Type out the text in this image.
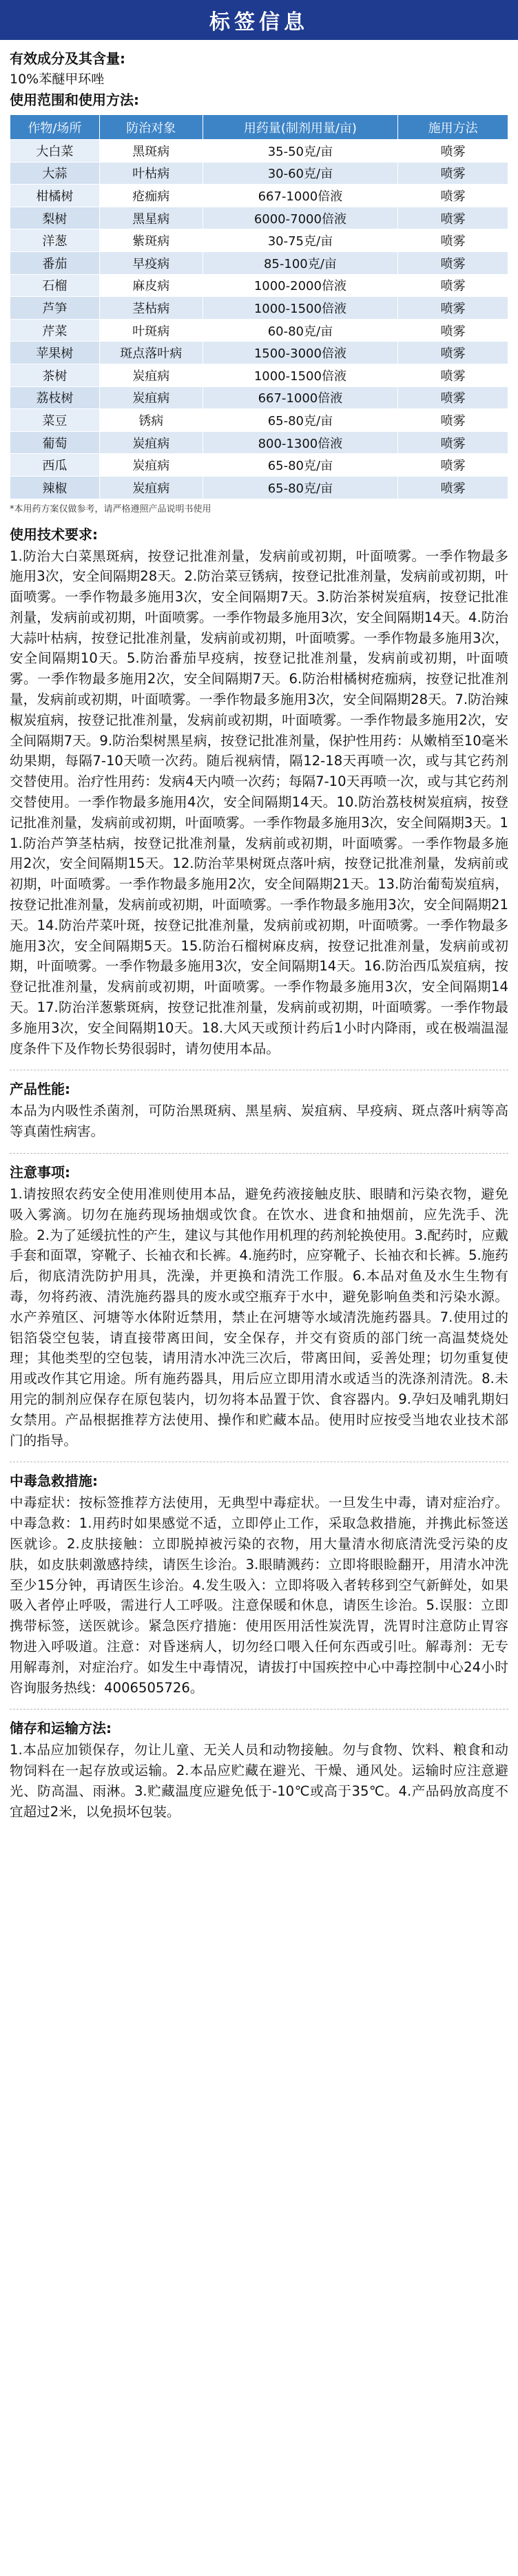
标签信息
有效成分及其含量:
10%苯醚甲环唑
使用范围和使用方法:
作物/场所	防治对象	用药量(制剂用量/亩)	施用方法
大白菜	黑斑病	35-50克/亩	喷雾
大蒜	叶枯病	30-60克/亩	喷雾
柑橘树	疮痂病	667-1000倍液	喷雾
梨树	黑星病	6000-7000倍液	喷雾
洋葱	紫斑病	30-75克/亩	喷雾
番茄	早疫病	85-100克/亩	喷雾
石榴	麻皮病	1000-2000倍液	喷雾
芦笋	茎枯病	1000-1500倍液	喷雾
芹菜	叶斑病	60-80克/亩	喷雾
苹果树	斑点落叶病	1500-3000倍液	喷雾
茶树	炭疽病	1000-1500倍液	喷雾
荔枝树	炭疽病	667-1000倍液	喷雾
菜豆	锈病	65-80克/亩	喷雾
葡萄	炭疽病	800-1300倍液	喷雾
西瓜	炭疽病	65-80克/亩	喷雾
辣椒	炭疽病	65-80克/亩	喷雾
*本用药方案仅做参考，请严格遵照产品说明书使用
使用技术要求:
1.防治大白菜黑斑病，按登记批准剂量，发病前或初期，叶面喷雾。一季作物最多施用3次，安全间隔期28天。2.防治菜豆锈病，按登记批准剂量，发病前或初期，叶面喷雾。一季作物最多施用3次，安全间隔期7天。3.防治茶树炭疽病，按登记批准剂量，发病前或初期，叶面喷雾。一季作物最多施用3次，安全间隔期14天。4.防治大蒜叶枯病，按登记批准剂量，发病前或初期，叶面喷雾。一季作物最多施用3次，安全间隔期10天。5.防治番茄早疫病，按登记批准剂量，发病前或初期，叶面喷雾。一季作物最多施用2次，安全间隔期7天。6.防治柑橘树疮痂病，按登记批准剂量，发病前或初期，叶面喷雾。一季作物最多施用3次，安全间隔期28天。7.防治辣椒炭疽病，按登记批准剂量，发病前或初期，叶面喷雾。一季作物最多施用2次，安全间隔期7天。9.防治梨树黑星病，按登记批准剂量，保护性用药：从嫩梢至10毫米幼果期，每隔7-10天喷一次药。随后视病情，隔12-18天再喷一次，或与其它药剂交替使用。治疗性用药：发病4天内喷一次药；每隔7-10天再喷一次，或与其它药剂交替使用。一季作物最多施用4次，安全间隔期14天。10.防治荔枝树炭疽病，按登记批准剂量，发病前或初期，叶面喷雾。一季作物最多施用3次，安全间隔期3天。11.防治芦笋茎枯病，按登记批准剂量，发病前或初期，叶面喷雾。一季作物最多施用2次，安全间隔期15天。12.防治苹果树斑点落叶病，按登记批准剂量，发病前或初期，叶面喷雾。一季作物最多施用2次，安全间隔期21天。13.防治葡萄炭疽病，按登记批准剂量，发病前或初期，叶面喷雾。一季作物最多施用3次，安全间隔期21天。14.防治芹菜叶斑，按登记批准剂量，发病前或初期，叶面喷雾。一季作物最多施用3次，安全间隔期5天。15.防治石榴树麻皮病，按登记批准剂量，发病前或初期，叶面喷雾。一季作物最多施用3次，安全间隔期14天。16.防治西瓜炭疽病，按登记批准剂量，发病前或初期，叶面喷雾。一季作物最多施用3次，安全间隔期14天。17.防治洋葱紫斑病，按登记批准剂量，发病前或初期，叶面喷雾。一季作物最多施用3次，安全间隔期10天。18.大风天或预计药后1小时内降雨，或在极端温湿度条件下及作物长势很弱时，请勿使用本品。
产品性能:
本品为内吸性杀菌剂，可防治黑斑病、黑星病、炭疽病、早疫病、斑点落叶病等高等真菌性病害。
注意事项:
1.请按照农药安全使用准则使用本品，避免药液接触皮肤、眼睛和污染衣物，避免吸入雾滴。切勿在施药现场抽烟或饮食。在饮水、进食和抽烟前，应先洗手、洗脸。2.为了延缓抗性的产生，建议与其他作用机理的药剂轮换使用。3.配药时，应戴手套和面罩，穿靴子、长袖衣和长裤。4.施药时，应穿靴子、长袖衣和长裤。5.施药后，彻底清洗防护用具，洗澡，并更换和清洗工作服。6.本品对鱼及水生生物有毒，勿将药液、清洗施药器具的废水或空瓶弃于水中，避免影响鱼类和污染水源。水产养殖区、河塘等水体附近禁用，禁止在河塘等水域清洗施药器具。7.使用过的铝箔袋空包装，请直接带离田间，安全保存，并交有资质的部门统一高温焚烧处理；其他类型的空包装，请用清水冲洗三次后，带离田间，妥善处理；切勿重复使用或改作其它用途。所有施药器具，用后应立即用清水或适当的洗涤剂清洗。8.未用完的制剂应保存在原包装内，切勿将本品置于饮、食容器内。9.孕妇及哺乳期妇女禁用。产品根据推荐方法使用、操作和贮藏本品。使用时应按受当地农业技术部门的指导。
中毒急救措施:
中毒症状：按标签推荐方法使用，无典型中毒症状。一旦发生中毒，请对症治疗。中毒急救：1.用药时如果感觉不适，立即停止工作，采取急救措施，并携此标签送医就诊。2.皮肤接触：立即脱掉被污染的衣物，用大量清水彻底清洗受污染的皮肤，如皮肤刺激感持续，请医生诊治。3.眼睛溅药：立即将眼睑翻开，用清水冲洗至少15分钟，再请医生诊治。4.发生吸入：立即将吸入者转移到空气新鲜处，如果吸入者停止呼吸，需进行人工呼吸。注意保暖和休息，请医生诊治。5.误服：立即携带标签，送医就诊。紧急医疗措施：使用医用活性炭洗胃，洗胃时注意防止胃容物进入呼吸道。注意：对昏迷病人，切勿经口喂入任何东西或引吐。解毒剂：无专用解毒剂，对症治疗。如发生中毒情况，请拔打中国疾控中心中毒控制中心24小时咨询服务热线：4006505726。
储存和运输方法:
1.本品应加锁保存，勿让儿童、无关人员和动物接触。勿与食物、饮料、粮食和动物饲料在一起存放或运输。2.本品应贮藏在避光、干燥、通风处。运输时应注意避光、防高温、雨淋。3.贮藏温度应避免低于-10℃或高于35℃。4.产品码放高度不宜超过2米，以免损坏包装。
